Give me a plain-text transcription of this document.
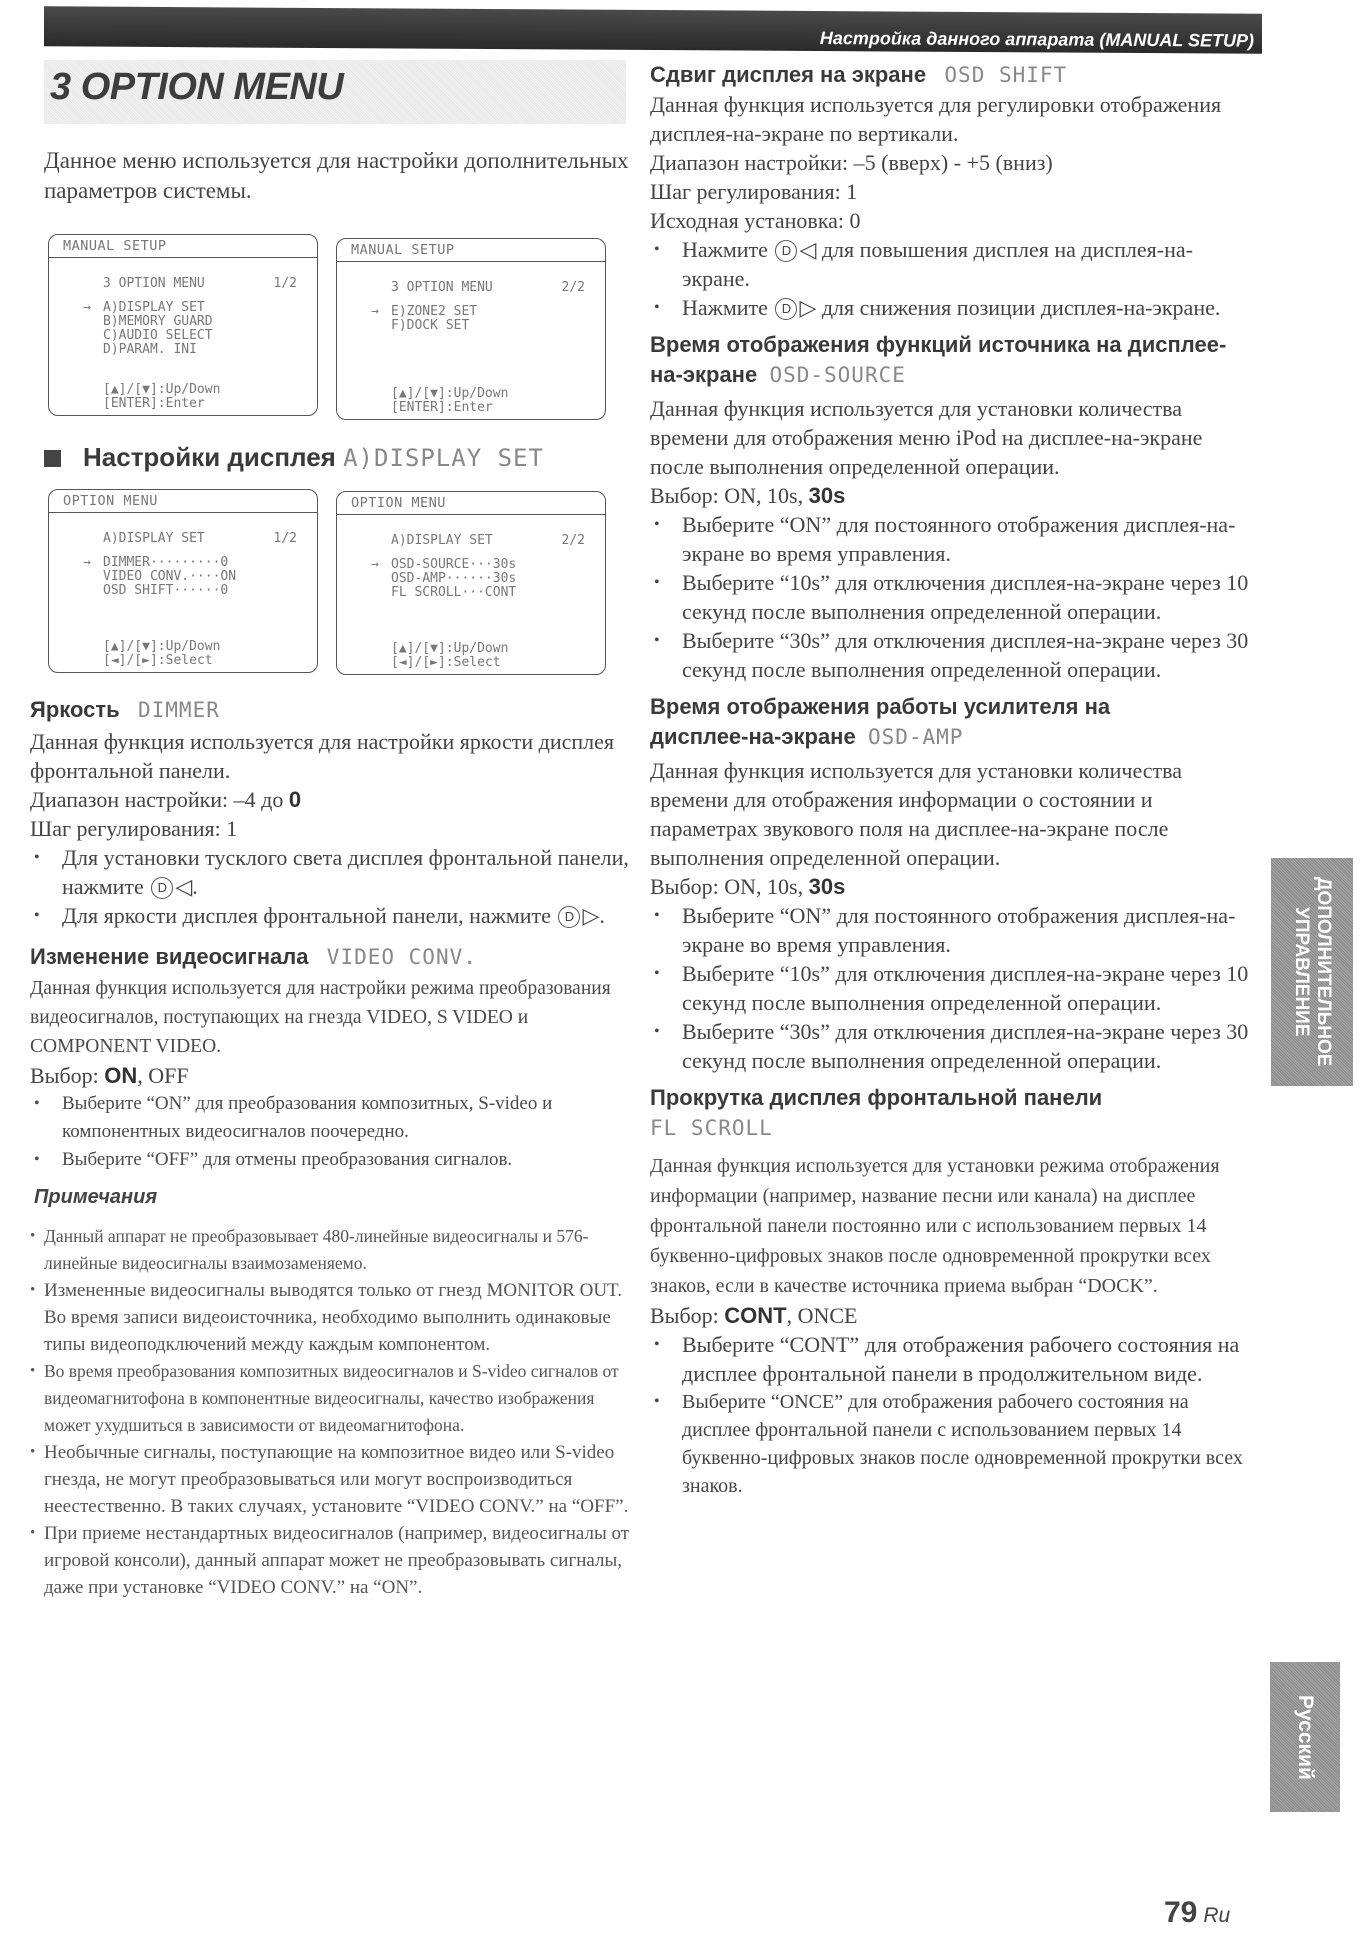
Настройка данного аппарата (MANUAL SETUP)
3 OPTION MENU

Данное меню используется для настройки дополнительных параметров системы.

MANUAL SETUP
3 OPTION MENU	1/2
→ A)DISPLAY SET
B)MEMORY GUARD
C)AUDIO SELECT
D)PARAM. INI
[▲]/[▼]:Up/Down
[ENTER]:Enter
MANUAL SETUP
3 OPTION MENU	2/2
→ E)ZONE2 SET
F)DOCK SET
[▲]/[▼]:Up/Down
[ENTER]:Enter
Настройки дисплея A)DISPLAY SET
OPTION MENU
A)DISPLAY SET	1/2
→ DIMMER·········0
VIDEO CONV.····ON
OSD SHIFT······0
[▲]/[▼]:Up/Down
[◄]/[►]:Select
OPTION MENU
A)DISPLAY SET	2/2
→ OSD-SOURCE···30s
OSD-AMP······30s
FL SCROLL···CONT
[▲]/[▼]:Up/Down
[◄]/[►]:Select
Яркость DIMMER

Данная функция используется для настройки яркости дисплея фронтальной панели.

Диапазон настройки: –4 до 0

Шаг регулирования: 1

• Для установки тусклого света дисплея фронтальной панели, нажмите D ◁.
• Для яркости дисплея фронтальной панели, нажмите D ▷.
Изменение видеосигнала VIDEO CONV.

Данная функция используется для настройки режима преобразования видеосигналов, поступающих на гнезда VIDEO, S VIDEO и COMPONENT VIDEO.

Выбор: ON, OFF

• Выберите “ON” для преобразования композитных, S-video и компонентных видеосигналов поочередно.
• Выберите “OFF” для отмены преобразования сигналов.
Примечания
• Данный аппарат не преобразовывает 480-линейные видеосигналы и 576-линейные видеосигналы взаимозаменяемо.
• Измененные видеосигналы выводятся только от гнезд MONITOR OUT. Во время записи видеоисточника, необходимо выполнить одинаковые типы видеоподключений между каждым компонентом.
• Во время преобразования композитных видеосигналов и S-video сигналов от видеомагнитофона в компонентные видеосигналы, качество изображения может ухудшиться в зависимости от видеомагнитофона.
• Необычные сигналы, поступающие на композитное видео или S-video гнезда, не могут преобразовываться или могут воспроизводиться неестественно. В таких случаях, установите “VIDEO CONV.” на “OFF”.
• При приеме нестандартных видеосигналов (например, видеосигналы от игровой консоли), данный аппарат может не преобразовывать сигналы, даже при установке “VIDEO CONV.” на “ON”.
Сдвиг дисплея на экране OSD SHIFT

Данная функция используется для регулировки отображения дисплея-на-экране по вертикали.

Диапазон настройки: –5 (вверх) - +5 (вниз)

Шаг регулирования: 1

Исходная установка: 0

• Нажмите D ◁ для повышения дисплея на дисплея-на-экране.
• Нажмите D ▷ для снижения позиции дисплея-на-экране.
Время отображения функций источника на дисплее-на-экране OSD-SOURCE

Данная функция используется для установки количества времени для отображения меню iPod на дисплее-на-экране после выполнения определенной операции.

Выбор: ON, 10s, 30s

• Выберите “ON” для постоянного отображения дисплея-на-экране во время управления.
• Выберите “10s” для отключения дисплея-на-экране через 10 секунд после выполнения определенной операции.
• Выберите “30s” для отключения дисплея-на-экране через 30 секунд после выполнения определенной операции.
Время отображения работы усилителя на дисплее-на-экране OSD-AMP

Данная функция используется для установки количества времени для отображения информации о состоянии и параметрах звукового поля на дисплее-на-экране после выполнения определенной операции.

Выбор: ON, 10s, 30s

• Выберите “ON” для постоянного отображения дисплея-на-экране во время управления.
• Выберите “10s” для отключения дисплея-на-экране через 10 секунд после выполнения определенной операции.
• Выберите “30s” для отключения дисплея-на-экране через 30 секунд после выполнения определенной операции.
Прокрутка дисплея фронтальной панели
FL SCROLL

Данная функция используется для установки режима отображения информации (например, название песни или канала) на дисплее фронтальной панели постоянно или с использованием первых 14 буквенно-цифровых знаков после одновременной прокрутки всех знаков, если в качестве источника приема выбран “DOCK”.

Выбор: CONT, ONCE

• Выберите “CONT” для отображения рабочего состояния на дисплее фронтальной панели в продолжительном виде.
• Выберите “ONCE” для отображения рабочего состояния на дисплее фронтальной панели с использованием первых 14 буквенно-цифровых знаков после одновременной прокрутки всех знаков.
ДОПОЛНИТЕЛЬНОЕ УПРАВЛЕНИЕ
Русский
79 Ru
